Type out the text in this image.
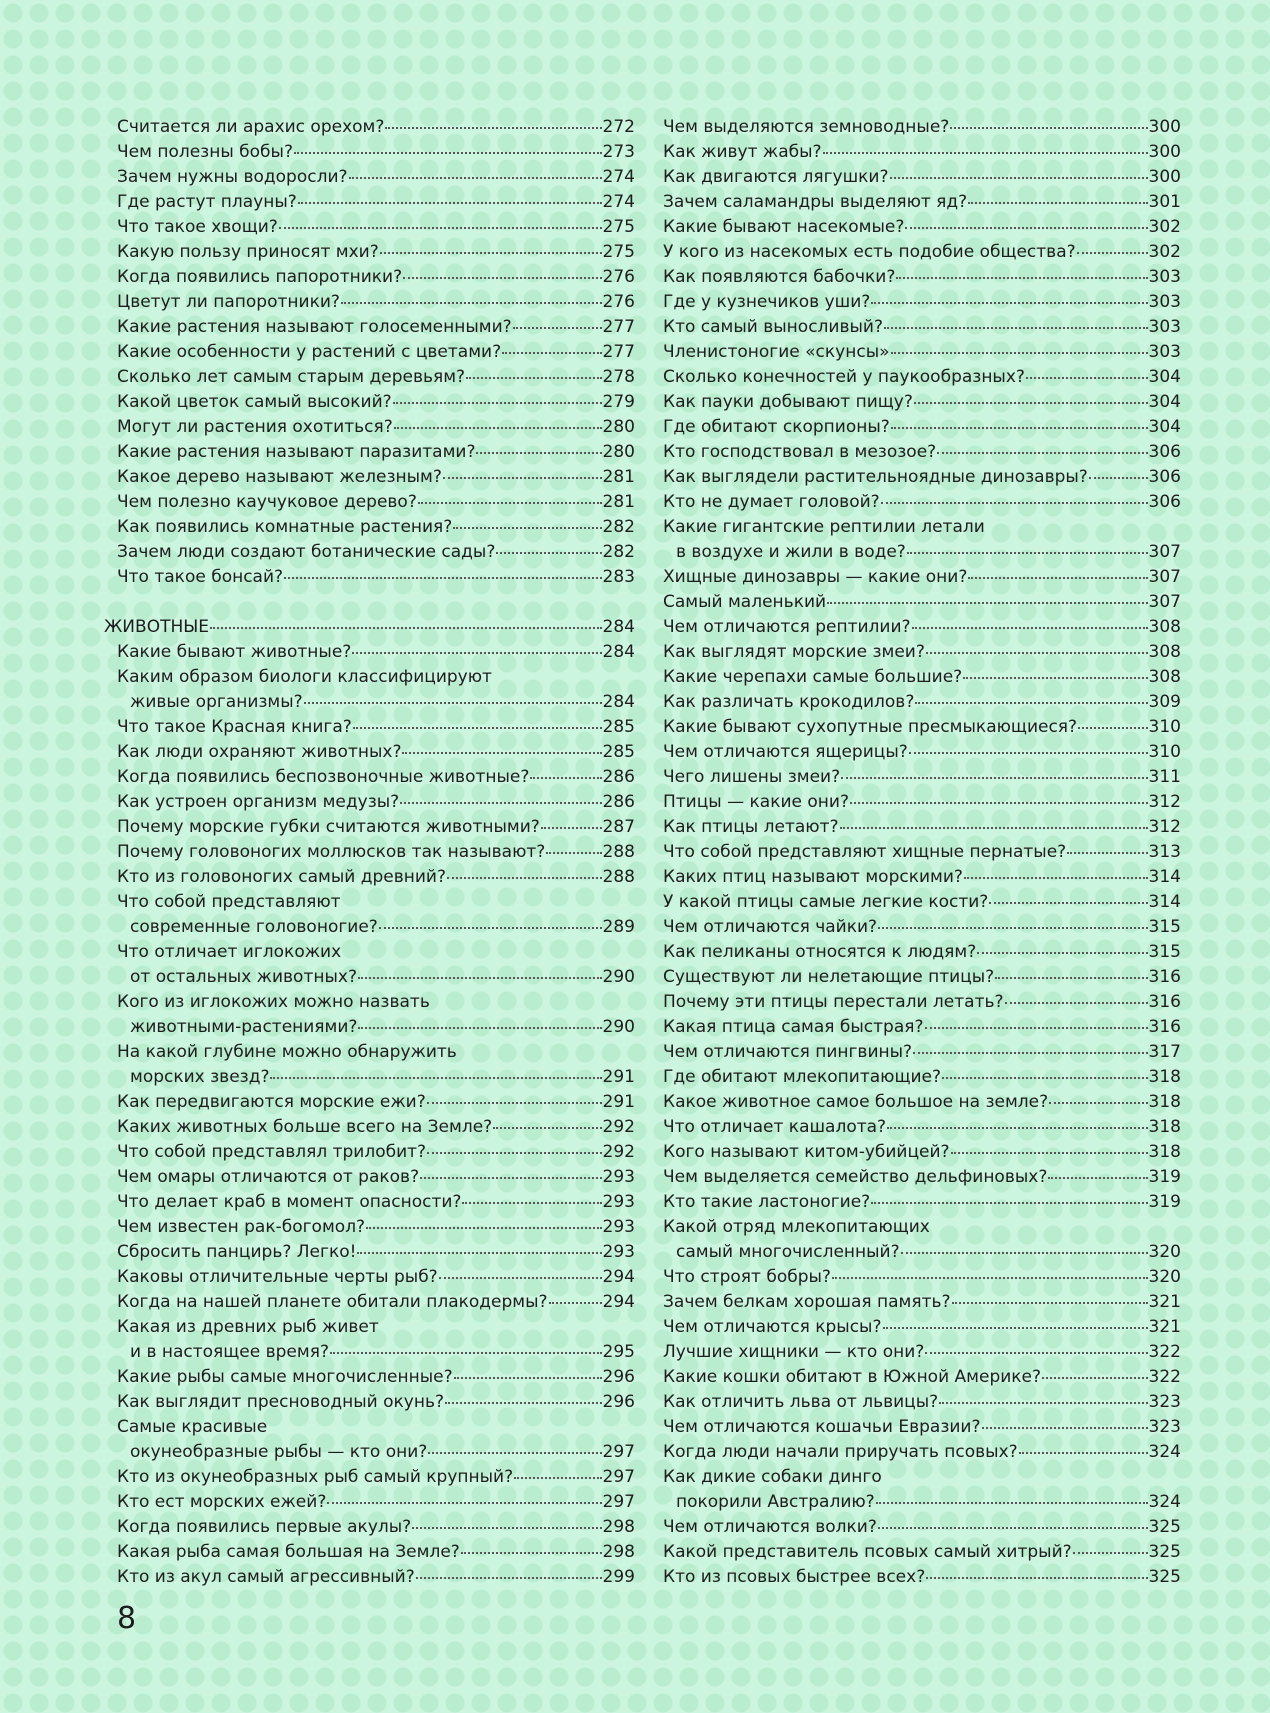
Считается ли арахис орехом?	272
Чем полезны бобы?	273
Зачем нужны водоросли?	274
Где растут плауны?	274
Что такое хвощи?	275
Какую пользу приносят мхи?	275
Когда появились папоротники?	276
Цветут ли папоротники?	276
Какие растения называют голосеменными?	277
Какие особенности у растений с цветами?	277
Сколько лет самым старым деревьям?	278
Какой цветок самый высокий?	279
Могут ли растения охотиться?	280
Какие растения называют паразитами?	280
Какое дерево называют железным?	281
Чем полезно каучуковое дерево?	281
Как появились комнатные растения?	282
Зачем люди создают ботанические сады?	282
Что такое бонсай?	283
ЖИВОТНЫЕ	284
Какие бывают животные?	284
Каким образом биологи классифицируют
живые организмы?	284
Что такое Красная книга?	285
Как люди охраняют животных?	285
Когда появились беспозвоночные животные?	286
Как устроен организм медузы?	286
Почему морские губки считаются животными?	287
Почему головоногих моллюсков так называют?	288
Кто из головоногих самый древний?	288
Что собой представляют
современные головоногие?	289
Что отличает иглокожих
от остальных животных?	290
Кого из иглокожих можно назвать
животными-растениями?	290
На какой глубине можно обнаружить
морских звезд?	291
Как передвигаются морские ежи?	291
Каких животных больше всего на Земле?	292
Что собой представлял трилобит?	292
Чем омары отличаются от раков?	293
Что делает краб в момент опасности?	293
Чем известен рак-богомол?	293
Сбросить панцирь? Легко!	293
Каковы отличительные черты рыб?	294
Когда на нашей планете обитали плакодермы?	294
Какая из древних рыб живет
и в настоящее время?	295
Какие рыбы самые многочисленные?	296
Как выглядит пресноводный окунь?	296
Самые красивые
окунеобразные рыбы — кто они?	297
Кто из окунеобразных рыб самый крупный?	297
Кто ест морских ежей?	297
Когда появились первые акулы?	298
Какая рыба самая большая на Земле?	298
Кто из акул самый агрессивный?	299
Чем выделяются земноводные?	300
Как живут жабы?	300
Как двигаются лягушки?	300
Зачем саламандры выделяют яд?	301
Какие бывают насекомые?	302
У кого из насекомых есть подобие общества?	302
Как появляются бабочки?	303
Где у кузнечиков уши?	303
Кто самый выносливый?	303
Членистоногие «скунсы»	303
Сколько конечностей у паукообразных?	304
Как пауки добывают пищу?	304
Где обитают скорпионы?	304
Кто господствовал в мезозое?	306
Как выглядели растительноядные динозавры?	306
Кто не думает головой?	306
Какие гигантские рептилии летали
в воздухе и жили в воде?	307
Хищные динозавры — какие они?	307
Самый маленький	307
Чем отличаются рептилии?	308
Как выглядят морские змеи?	308
Какие черепахи самые большие?	308
Как различать крокодилов?	309
Какие бывают сухопутные пресмыкающиеся?	310
Чем отличаются ящерицы?	310
Чего лишены змеи?	311
Птицы — какие они?	312
Как птицы летают?	312
Что собой представляют хищные пернатые?	313
Каких птиц называют морскими?	314
У какой птицы самые легкие кости?	314
Чем отличаются чайки?	315
Как пеликаны относятся к людям?	315
Существуют ли нелетающие птицы?	316
Почему эти птицы перестали летать?	316
Какая птица самая быстрая?	316
Чем отличаются пингвины?	317
Где обитают млекопитающие?	318
Какое животное самое большое на земле?	318
Что отличает кашалота?	318
Кого называют китом-убийцей?	318
Чем выделяется семейство дельфиновых?	319
Кто такие ластоногие?	319
Какой отряд млекопитающих
самый многочисленный?	320
Что строят бобры?	320
Зачем белкам хорошая память?	321
Чем отличаются крысы?	321
Лучшие хищники — кто они?	322
Какие кошки обитают в Южной Америке?	322
Как отличить льва от львицы?	323
Чем отличаются кошачьи Евразии?	323
Когда люди начали приручать псовых?	324
Как дикие собаки динго
покорили Австралию?	324
Чем отличаются волки?	325
Какой представитель псовых самый хитрый?	325
Кто из псовых быстрее всех?	325
8
